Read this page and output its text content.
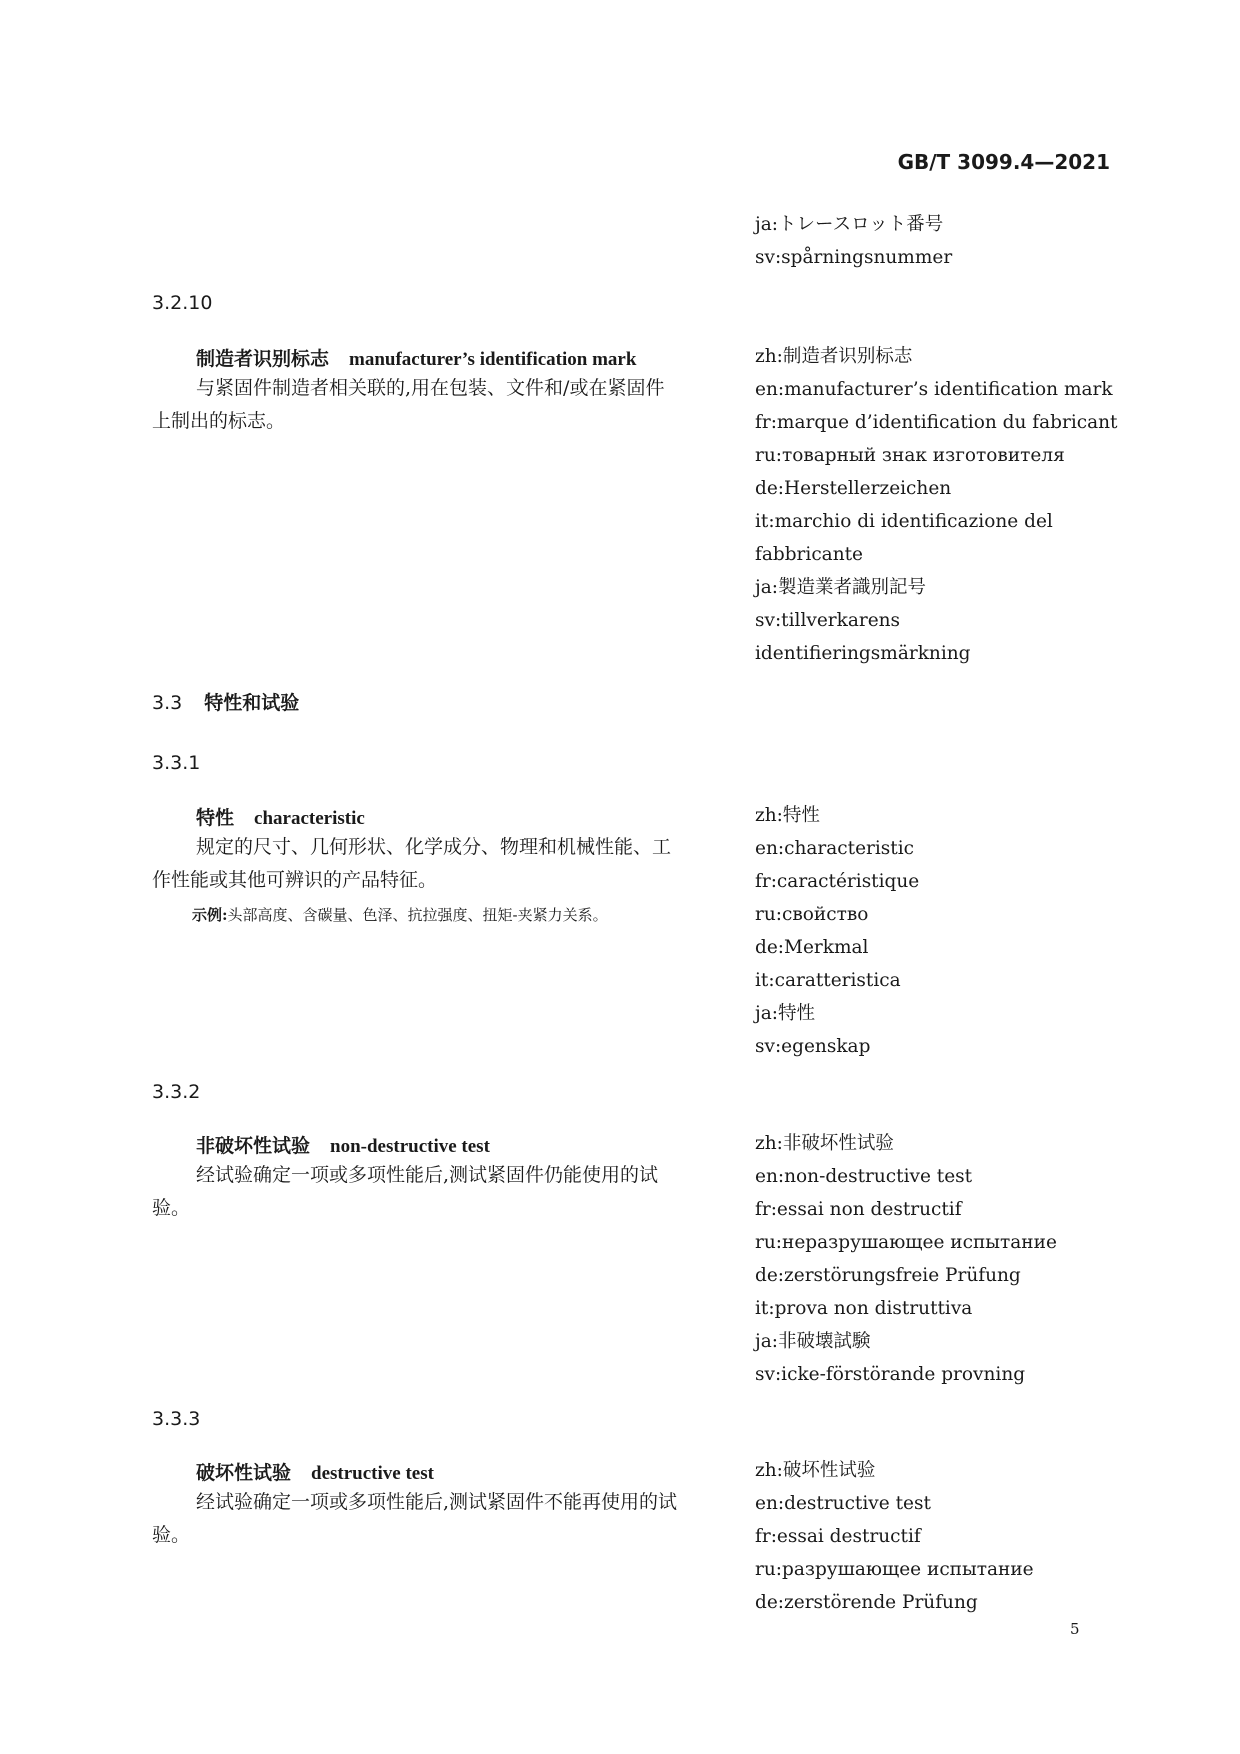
GB/T 3099.4—2021
ja:トレースロット番号
sv:spårningsnummer
3.2.10
制造者识别标志 manufacturer’s identification mark
与紧固件制造者相关联的,用在包装、文件和/或在紧固件上制出的标志。
zh:制造者识别标志
en:manufacturer’s identification mark
fr:marque d’identification du fabricant
ru:товарный знак изготовителя
de:Herstellerzeichen
it:marchio di identificazione del fabbricante
ja:製造業者識別記号
sv:tillverkarens identifieringsmärkning
3.3 特性和试验
3.3.1
特性 characteristic
规定的尺寸、几何形状、化学成分、物理和机械性能、工作性能或其他可辨识的产品特征。
示例:头部高度、含碳量、色泽、抗拉强度、扭矩-夹紧力关系。
zh:特性
en:characteristic
fr:caractéristique
ru:свойство
de:Merkmal
it:caratteristica
ja:特性
sv:egenskap
3.3.2
非破坏性试验 non-destructive test
经试验确定一项或多项性能后,测试紧固件仍能使用的试验。
zh:非破坏性试验
en:non-destructive test
fr:essai non destructif
ru:неразрушающее испытание
de:zerstörungsfreie Prüfung
it:prova non distruttiva
ja:非破壊試験
sv:icke-förstörande provning
3.3.3
破坏性试验 destructive test
经试验确定一项或多项性能后,测试紧固件不能再使用的试验。
zh:破坏性试验
en:destructive test
fr:essai destructif
ru:разрушающее испытание
de:zerstörende Prüfung
5
